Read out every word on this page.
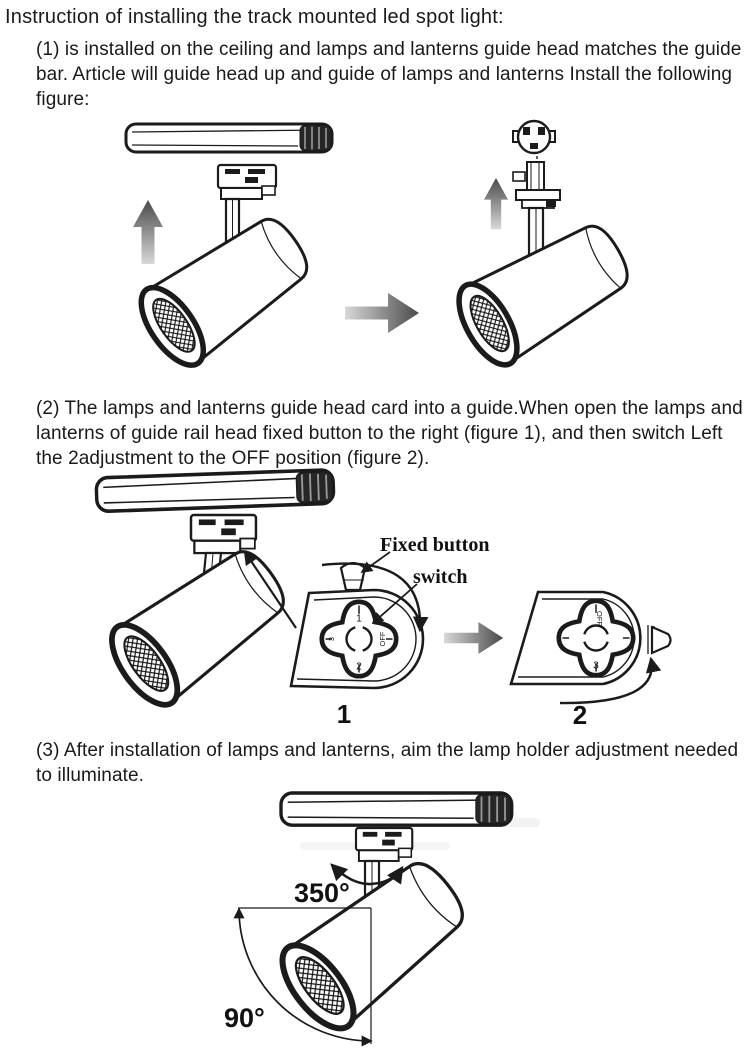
Instruction of installing the track mounted led spot light:
(1) is installed on the ceiling and lamps and lanterns guide head matches the guide bar. Article will guide head up and guide of lamps and lanterns Install the following figure:
(2) The lamps and lanterns guide head card into a guide.When open the lamps and lanterns of guide rail head fixed button to the right (figure 1), and then switch Left the 2adjustment to the OFF position (figure 2).
1
2
OFF
3
Fixed button
switch
1
OFF
3
2
(3) After installation of lamps and lanterns, aim the lamp holder adjustment needed to illuminate.
350°
90°
